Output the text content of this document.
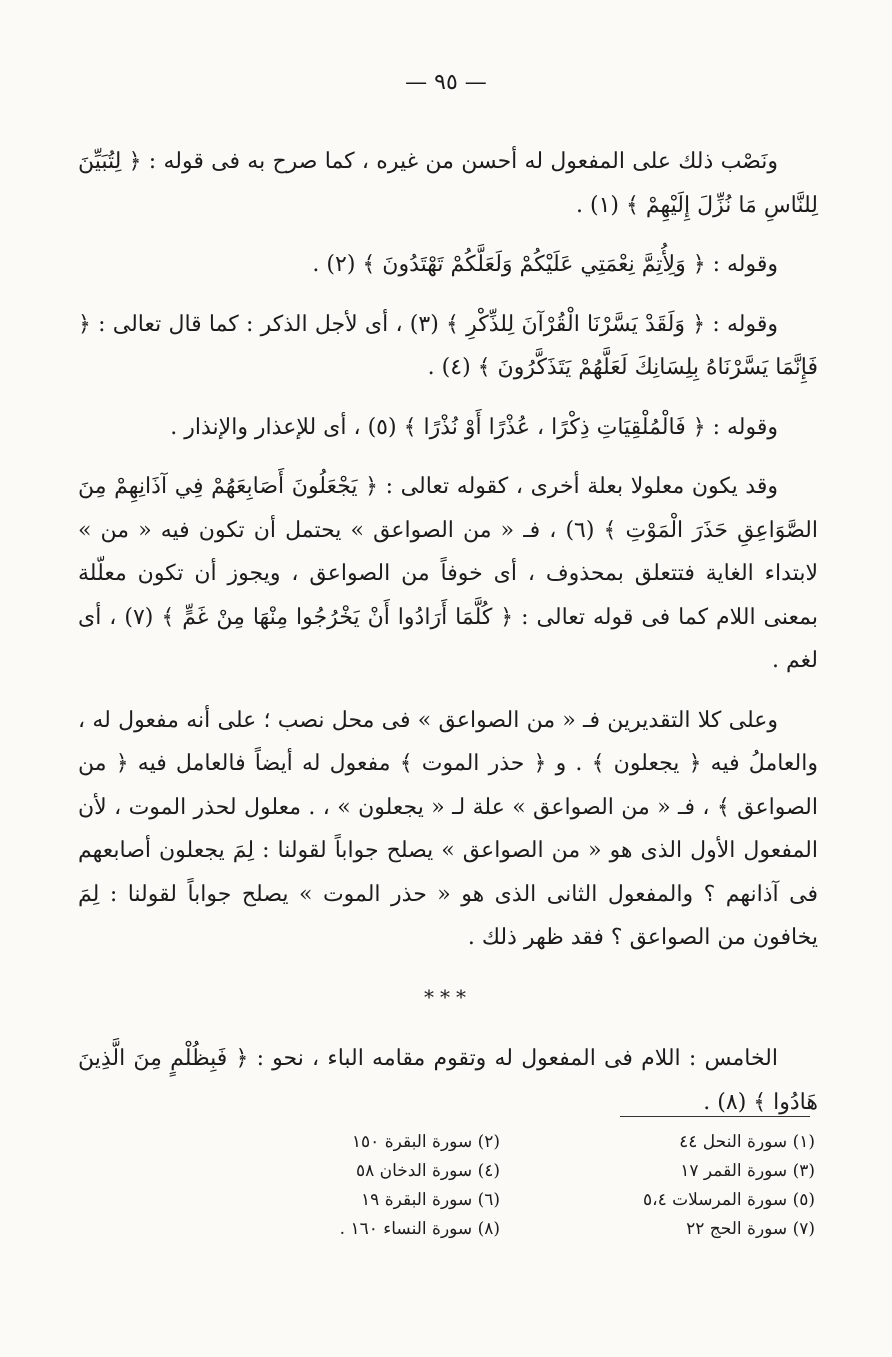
— ٩٥ —

ونَصْب ذلك على المفعول له أحسن من غيره ، كما صرح به فى قوله : ﴿ لِتُبَيِّنَ لِلنَّاسِ مَا نُزِّلَ إِلَيْهِمْ ﴾ (١) .

وقوله : ﴿ وَلِأُتِمَّ نِعْمَتِي عَلَيْكُمْ وَلَعَلَّكُمْ تَهْتَدُونَ ﴾ (٢) .

وقوله : ﴿ وَلَقَدْ يَسَّرْنَا الْقُرْآنَ لِلذِّكْرِ ﴾ (٣) ، أى لأجل الذكر : كما قال تعالى : ﴿ فَإِنَّمَا يَسَّرْنَاهُ بِلِسَانِكَ لَعَلَّهُمْ يَتَذَكَّرُونَ ﴾ (٤) .

وقوله : ﴿ فَالْمُلْقِيَاتِ ذِكْرًا ، عُذْرًا أَوْ نُذْرًا ﴾ (٥) ، أى للإعذار والإنذار .

وقد يكون معلولا بعلة أخرى ، كقوله تعالى : ﴿ يَجْعَلُونَ أَصَابِعَهُمْ فِي آذَانِهِمْ مِنَ الصَّوَاعِقِ حَذَرَ الْمَوْتِ ﴾ (٦) ، فـ « من الصواعق » يحتمل أن تكون فيه « من » لابتداء الغاية فتتعلق بمحذوف ، أى خوفاً من الصواعق ، ويجوز أن تكون معلّلة بمعنى اللام كما فى قوله تعالى : ﴿ كُلَّمَا أَرَادُوا أَنْ يَخْرُجُوا مِنْهَا مِنْ غَمٍّ ﴾ (٧) ، أى لغم .

وعلى كلا التقديرين فـ « من الصواعق » فى محل نصب ؛ على أنه مفعول له ، والعاملُ فيه ﴿ يجعلون ﴾ . و ﴿ حذر الموت ﴾ مفعول له أيضاً فالعامل فيه ﴿ من الصواعق ﴾ ، فـ « من الصواعق » علة لـ « يجعلون » ، . معلول لحذر الموت ، لأن المفعول الأول الذى هو « من الصواعق » يصلح جواباً لقولنا : لِمَ يجعلون أصابعهم فى آذانهم ؟ والمفعول الثانى الذى هو « حذر الموت » يصلح جواباً لقولنا : لِمَ يخافون من الصواعق ؟ فقد ظهر ذلك .

***

الخامس : اللام فى المفعول له وتقوم مقامه الباء ، نحو : ﴿ فَبِظُلْمٍ مِنَ الَّذِينَ هَادُوا ﴾ (٨) .

(١) سورة النحل ٤٤
(٢) سورة البقرة ١٥٠
(٣) سورة القمر ١٧
(٤) سورة الدخان ٥٨
(٥) سورة المرسلات ٥،٤
(٦) سورة البقرة ١٩
(٧) سورة الحج ٢٢
(٨) سورة النساء ١٦٠ .
